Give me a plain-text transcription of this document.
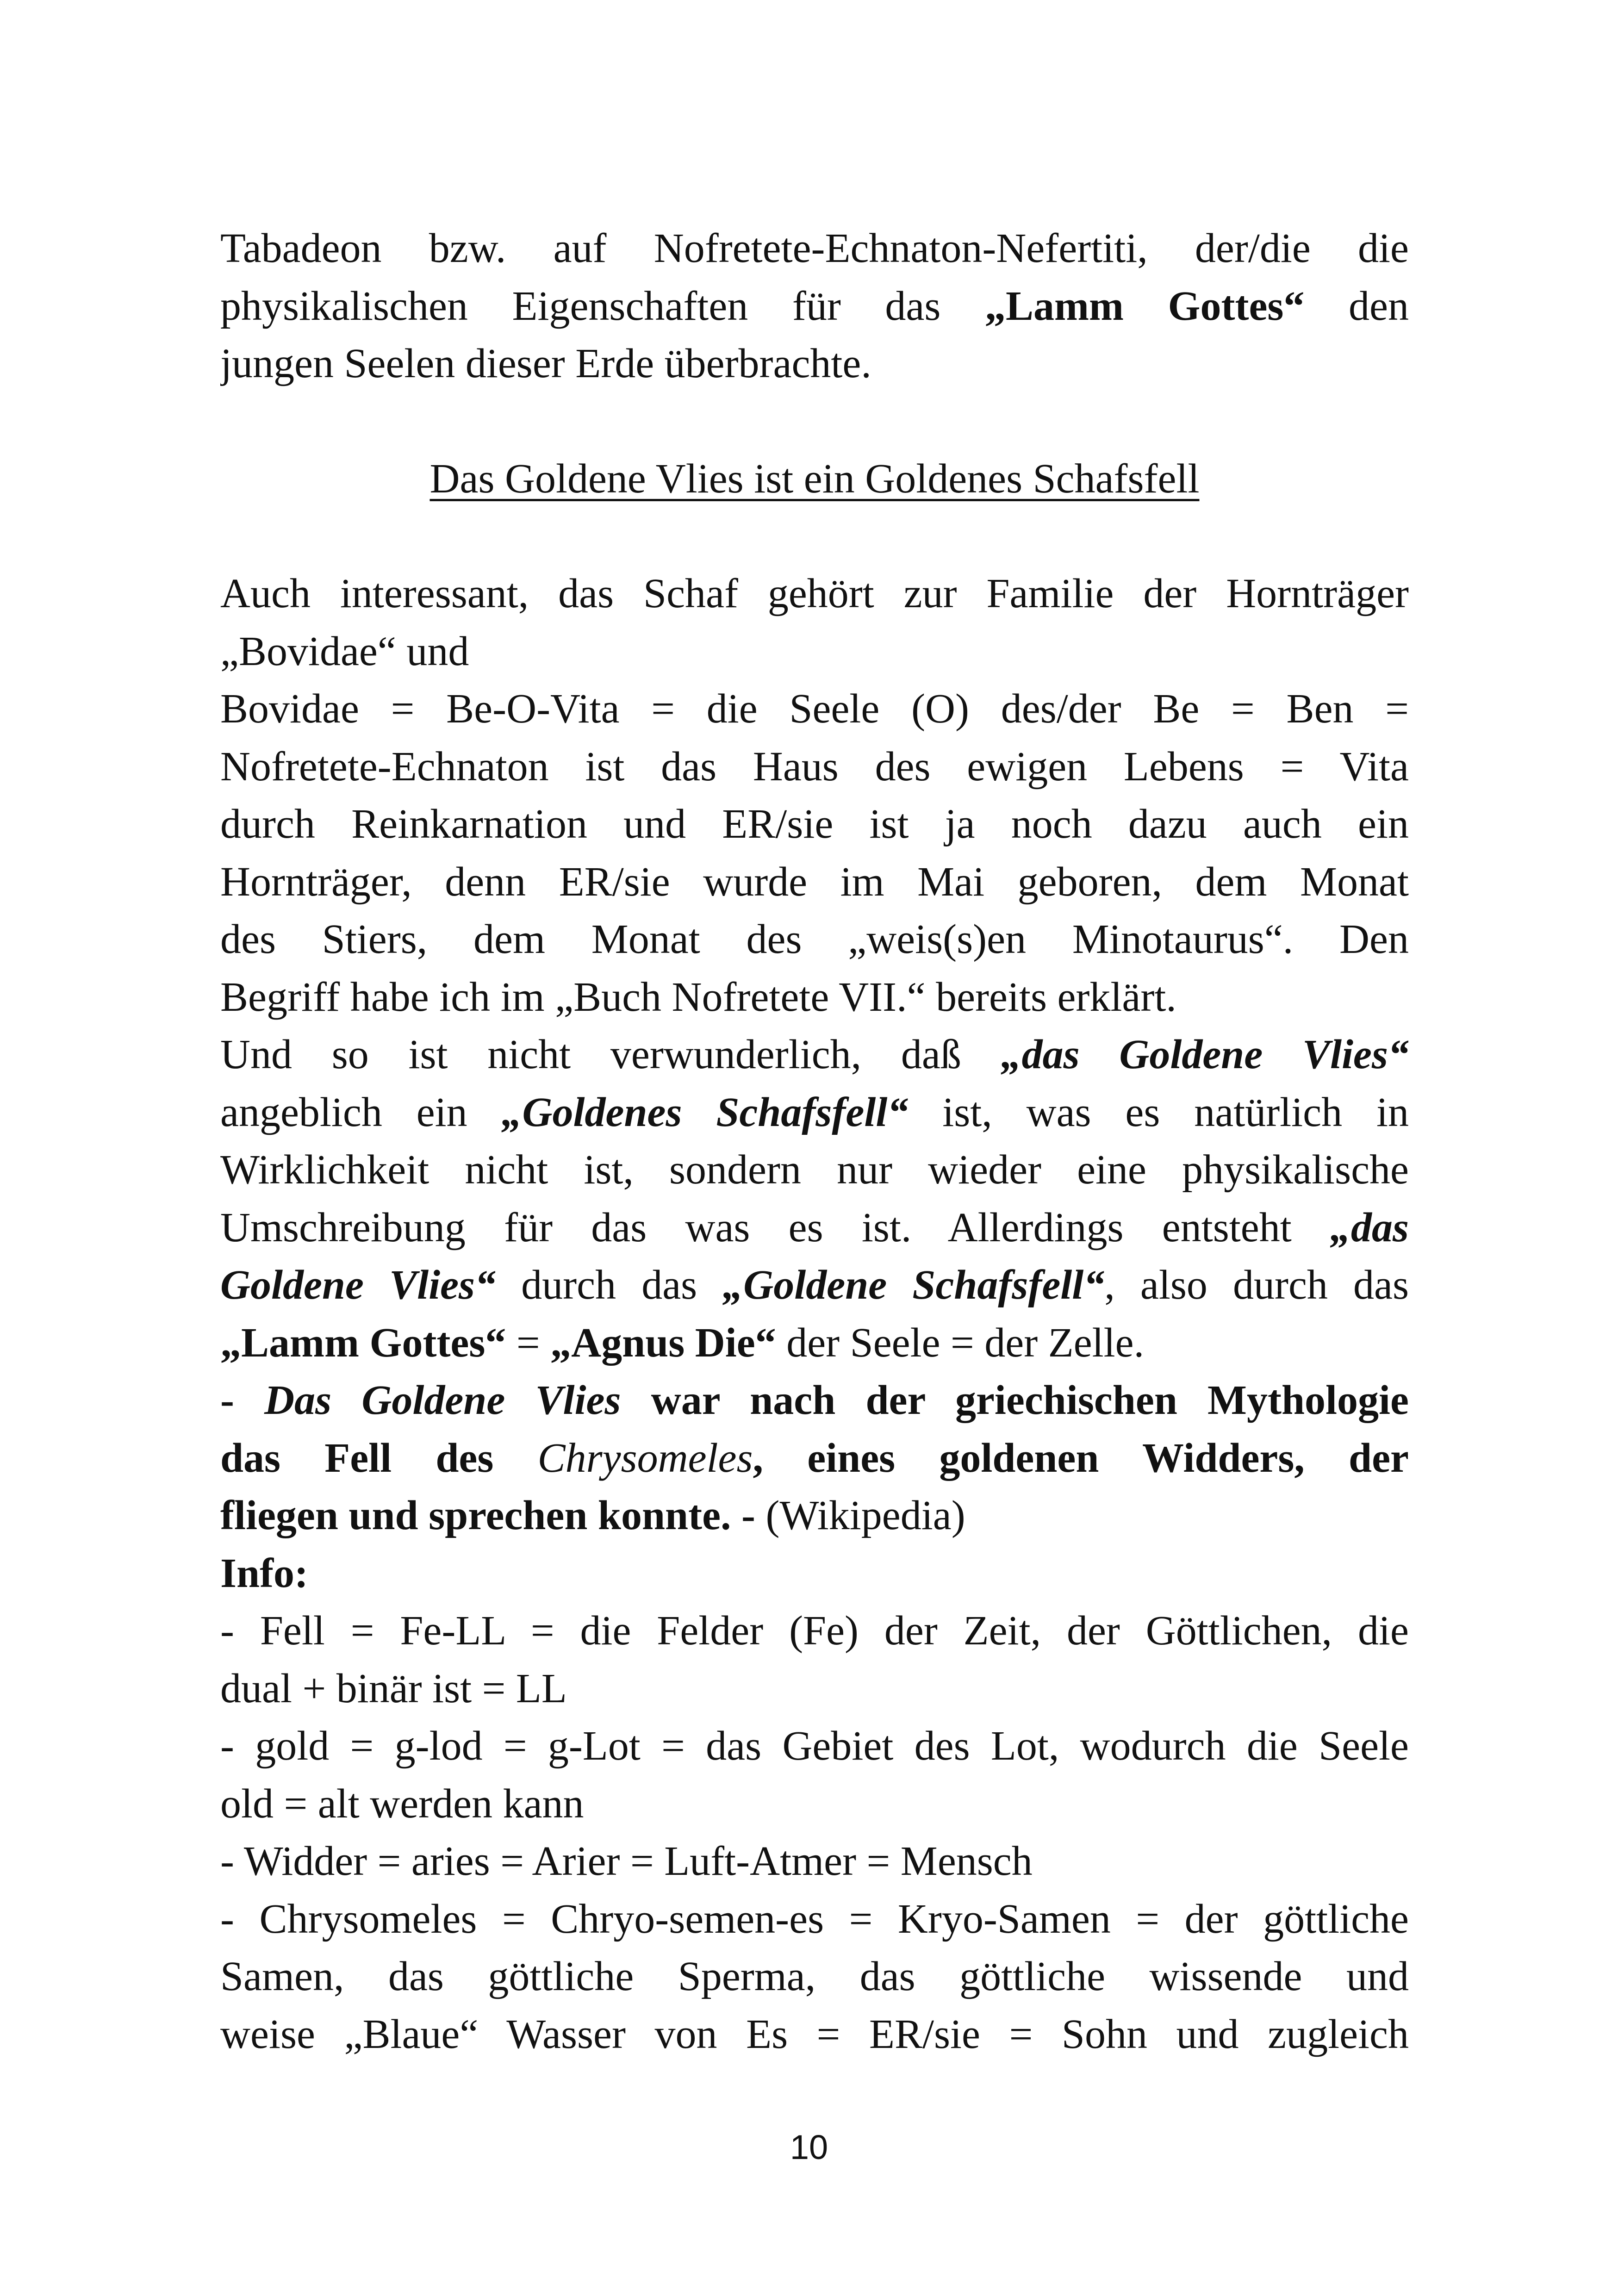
Tabadeon bzw. auf Nofretete-Echnaton-Nefertiti, der/die die
physikalischen Eigenschaften für das „Lamm Gottes“ den
jungen Seelen dieser Erde überbrachte.
Das Goldene Vlies ist ein Goldenes Schafsfell
Auch interessant, das Schaf gehört zur Familie der Hornträger
„Bovidae“ und
Bovidae = Be-O-Vita = die Seele (O) des/der Be = Ben =
Nofretete-Echnaton ist das Haus des ewigen Lebens = Vita
durch Reinkarnation und ER/sie ist ja noch dazu auch ein
Hornträger, denn ER/sie wurde im Mai geboren, dem Monat
des Stiers, dem Monat des „weis(s)en Minotaurus“. Den
Begriff habe ich im „Buch Nofretete VII.“ bereits erklärt.
Und so ist nicht verwunderlich, daß „das Goldene Vlies“
angeblich ein „Goldenes Schafsfell“ ist, was es natürlich in
Wirklichkeit nicht ist, sondern nur wieder eine physikalische
Umschreibung für das was es ist. Allerdings entsteht „das
Goldene Vlies“ durch das „Goldene Schafsfell“, also durch das
„Lamm Gottes“ = „Agnus Die“ der Seele = der Zelle.
- Das Goldene Vlies war nach der griechischen Mythologie
das Fell des Chrysomeles, eines goldenen Widders, der
fliegen und sprechen konnte. - (Wikipedia)
Info:
- Fell = Fe-LL = die Felder (Fe) der Zeit, der Göttlichen, die
dual + binär ist = LL
- gold = g-lod = g-Lot = das Gebiet des Lot, wodurch die Seele
old = alt werden kann
- Widder = aries = Arier = Luft-Atmer = Mensch
- Chrysomeles = Chryo-semen-es = Kryo-Samen = der göttliche
Samen, das göttliche Sperma, das göttliche wissende und
weise „Blaue“ Wasser von Es = ER/sie = Sohn und zugleich
10
